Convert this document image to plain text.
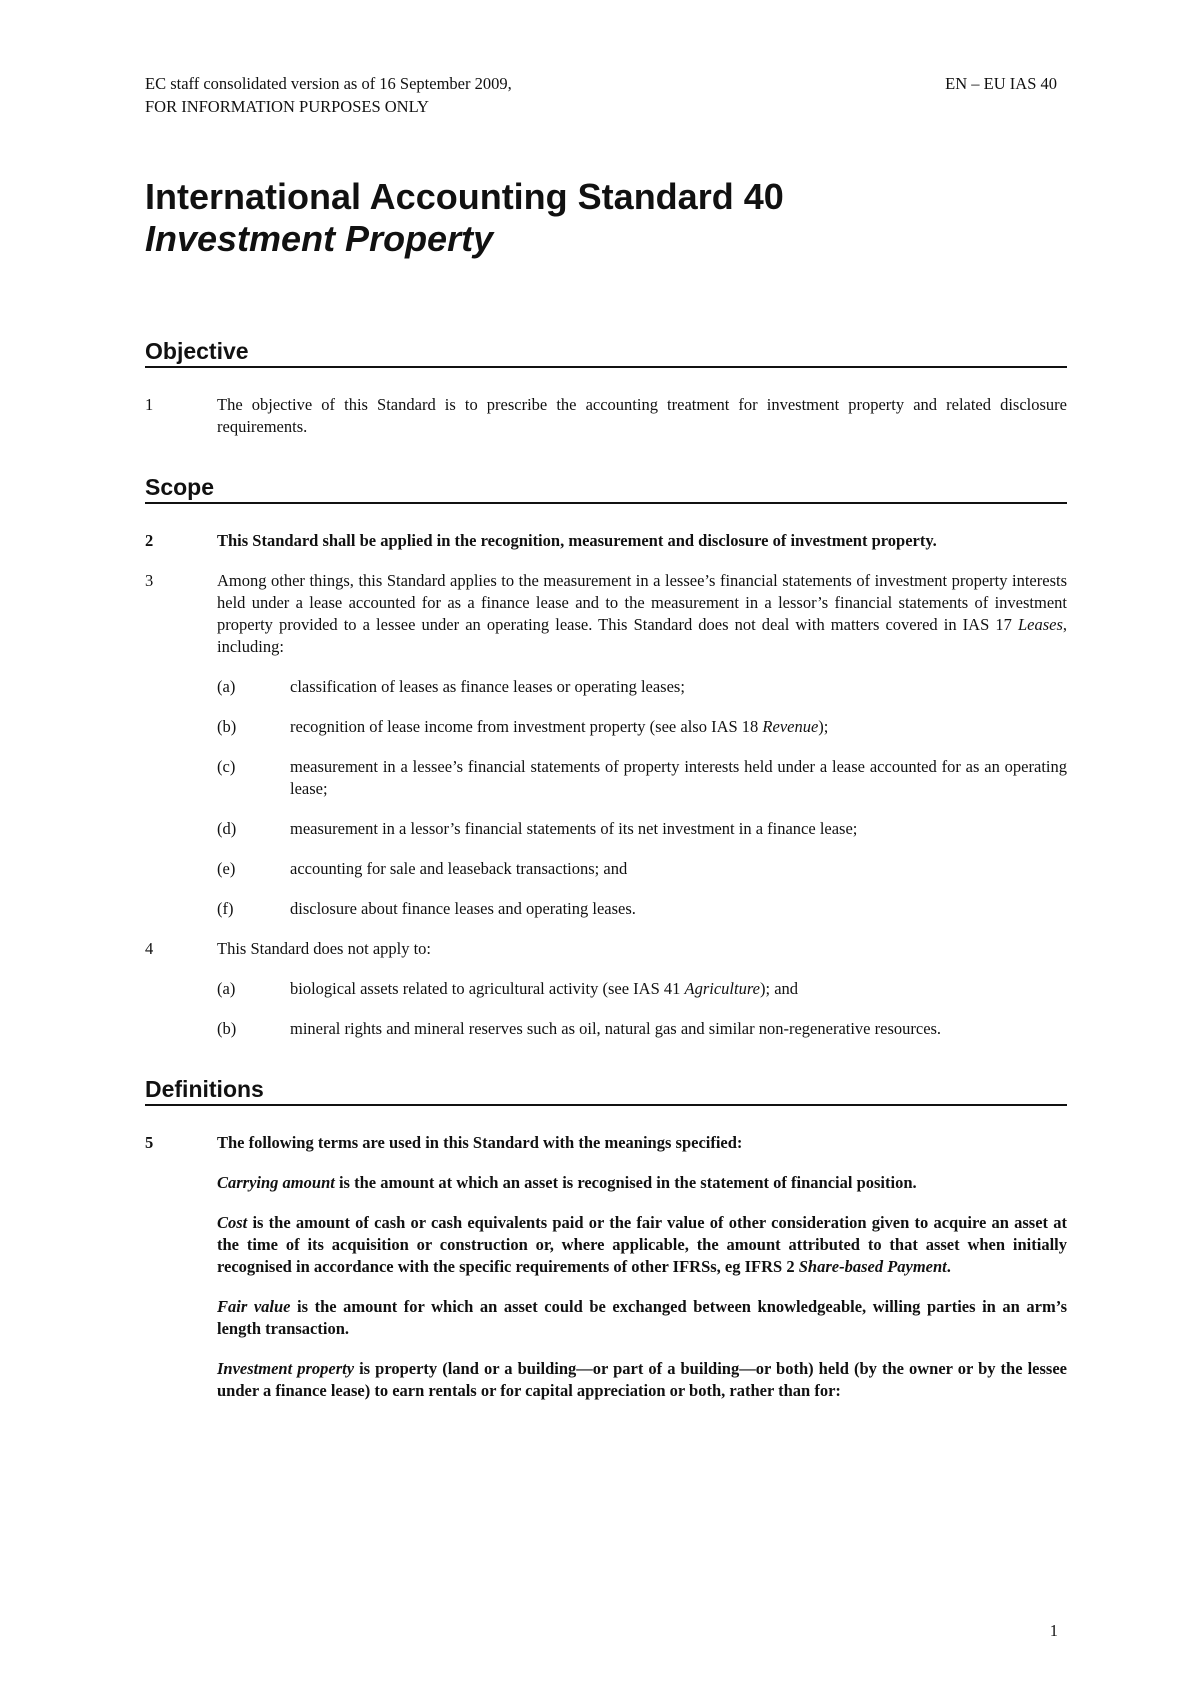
EC staff consolidated version as of 16 September 2009,
FOR INFORMATION PURPOSES ONLY
EN – EU IAS 40
International Accounting Standard 40
Investment Property
Objective
1	The objective of this Standard is to prescribe the accounting treatment for investment property and related disclosure requirements.
Scope
2	This Standard shall be applied in the recognition, measurement and disclosure of investment property.
3	Among other things, this Standard applies to the measurement in a lessee’s financial statements of investment property interests held under a lease accounted for as a finance lease and to the measurement in a lessor’s financial statements of investment property provided to a lessee under an operating lease. This Standard does not deal with matters covered in IAS 17 Leases, including:
(a)	classification of leases as finance leases or operating leases;
(b)	recognition of lease income from investment property (see also IAS 18 Revenue);
(c)	measurement in a lessee’s financial statements of property interests held under a lease accounted for as an operating lease;
(d)	measurement in a lessor’s financial statements of its net investment in a finance lease;
(e)	accounting for sale and leaseback transactions; and
(f)	disclosure about finance leases and operating leases.
4	This Standard does not apply to:
(a)	biological assets related to agricultural activity (see IAS 41 Agriculture); and
(b)	mineral rights and mineral reserves such as oil, natural gas and similar non-regenerative resources.
Definitions
5	The following terms are used in this Standard with the meanings specified:
Carrying amount is the amount at which an asset is recognised in the statement of financial position.
Cost is the amount of cash or cash equivalents paid or the fair value of other consideration given to acquire an asset at the time of its acquisition or construction or, where applicable, the amount attributed to that asset when initially recognised in accordance with the specific requirements of other IFRSs, eg IFRS 2 Share-based Payment.
Fair value is the amount for which an asset could be exchanged between knowledgeable, willing parties in an arm’s length transaction.
Investment property is property (land or a building—or part of a building—or both) held (by the owner or by the lessee under a finance lease) to earn rentals or for capital appreciation or both, rather than for:
1
